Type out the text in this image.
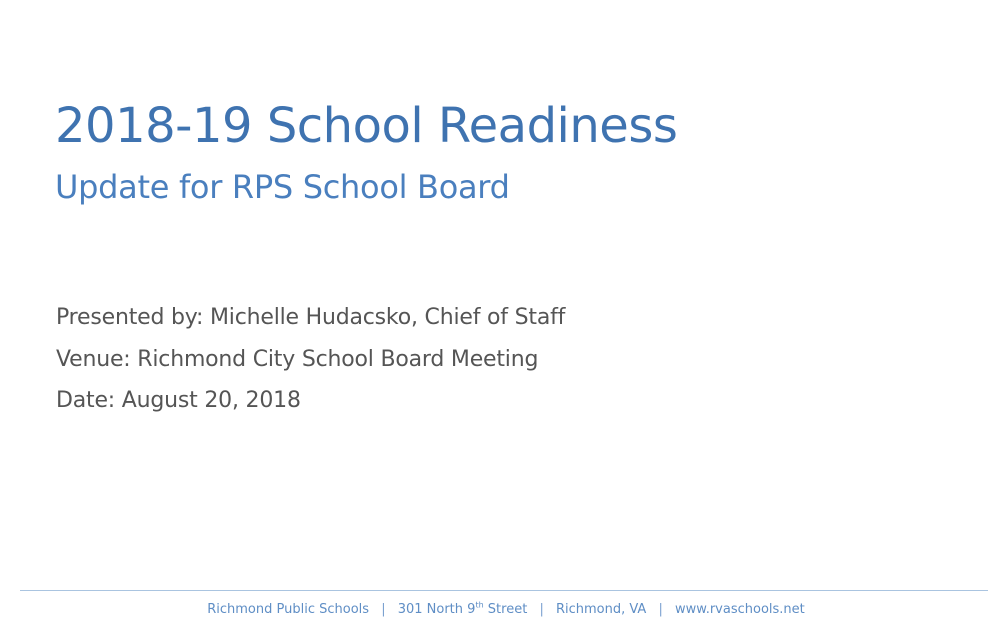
2018-19 School Readiness
Update for RPS School Board
Presented by: Michelle Hudacsko, Chief of Staff
Venue: Richmond City School Board Meeting
Date: August 20, 2018
Richmond Public Schools | 301 North 9th Street | Richmond, VA | www.rvaschools.net
